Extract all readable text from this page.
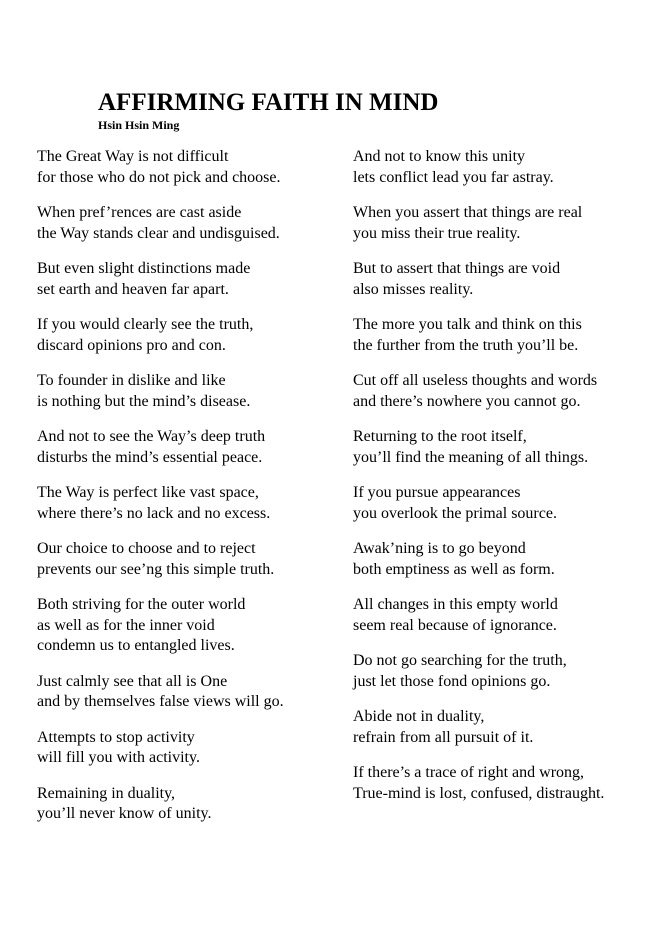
AFFIRMING FAITH IN MIND
Hsin Hsin Ming

The Great Way is not difficult
for those who do not pick and choose.

When pref’rences are cast aside
the Way stands clear and undisguised.

But even slight distinctions made
set earth and heaven far apart.

If you would clearly see the truth,
discard opinions pro and con.

To founder in dislike and like
is nothing but the mind’s disease.

And not to see the Way’s deep truth
disturbs the mind’s essential peace.

The Way is perfect like vast space,
where there’s no lack and no excess.

Our choice to choose and to reject
prevents our see’ng this simple truth.

Both striving for the outer world
as well as for the inner void
condemn us to entangled lives.

Just calmly see that all is One
and by themselves false views will go.

Attempts to stop activity
will fill you with activity.

Remaining in duality,
you’ll never know of unity.

And not to know this unity
lets conflict lead you far astray.

When you assert that things are real
you miss their true reality.

But to assert that things are void
also misses reality.

The more you talk and think on this
the further from the truth you’ll be.

Cut off all useless thoughts and words
and there’s nowhere you cannot go.

Returning to the root itself,
you’ll find the meaning of all things.

If you pursue appearances
you overlook the primal source.

Awak’ning is to go beyond
both emptiness as well as form.

All changes in this empty world
seem real because of ignorance.

Do not go searching for the truth,
just let those fond opinions go.

Abide not in duality,
refrain from all pursuit of it.

If there’s a trace of right and wrong,
True-mind is lost, confused, distraught.
